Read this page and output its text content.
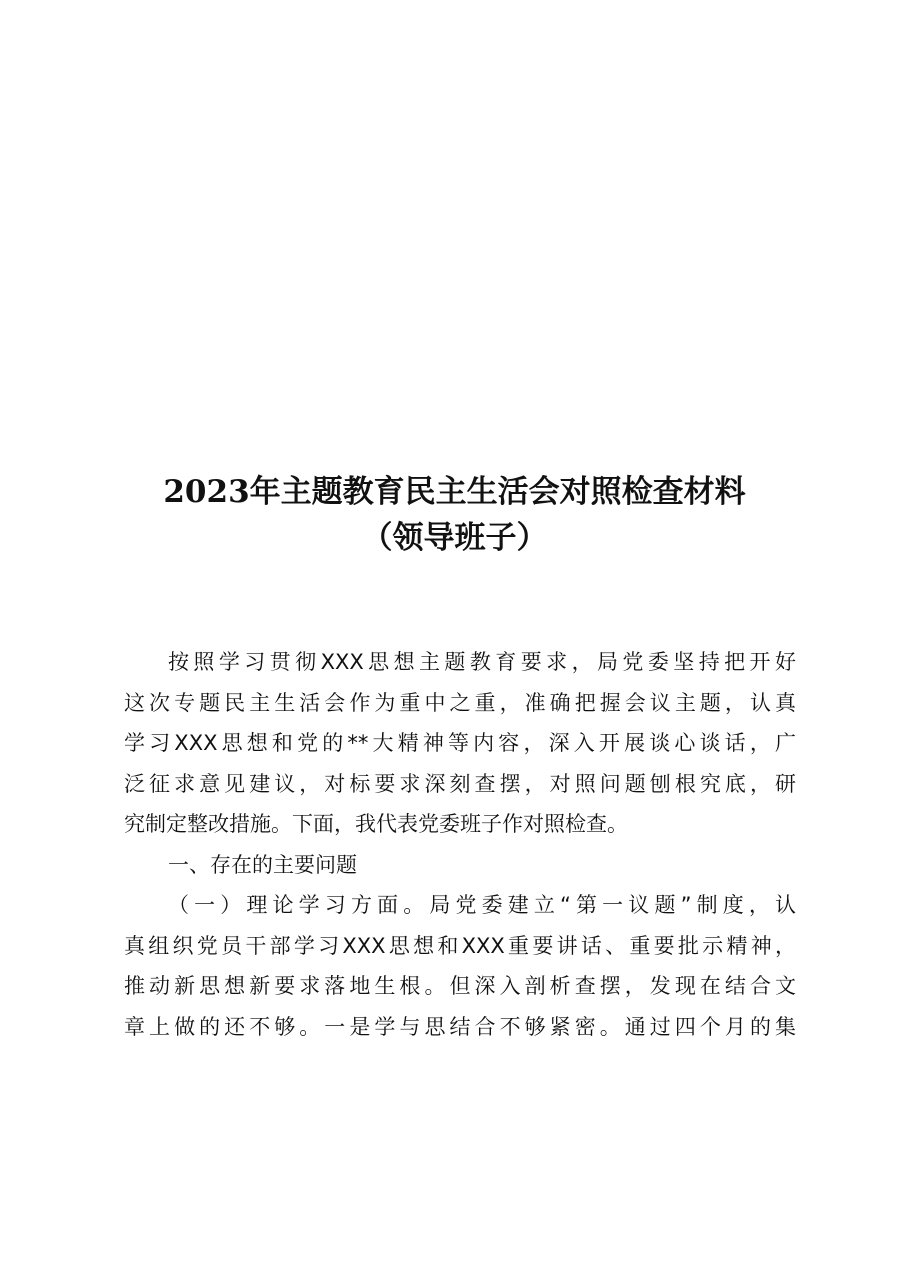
2023年主题教育民主生活会对照检查材料
（领导班子）
按照学习贯彻XXX思想主题教育要求，局党委坚持把开好
这次专题民主生活会作为重中之重，准确把握会议主题，认真
学习XXX思想和党的**大精神等内容，深入开展谈心谈话，广
泛征求意见建议，对标要求深刻查摆，对照问题刨根究底，研
究制定整改措施。下面，我代表党委班子作对照检查。
一、存在的主要问题
（一）理论学习方面。局党委建立“第一议题”制度，认
真组织党员干部学习XXX思想和XXX重要讲话、重要批示精神，
推动新思想新要求落地生根。但深入剖析查摆，发现在结合文
章上做的还不够。一是学与思结合不够紧密。通过四个月的集
